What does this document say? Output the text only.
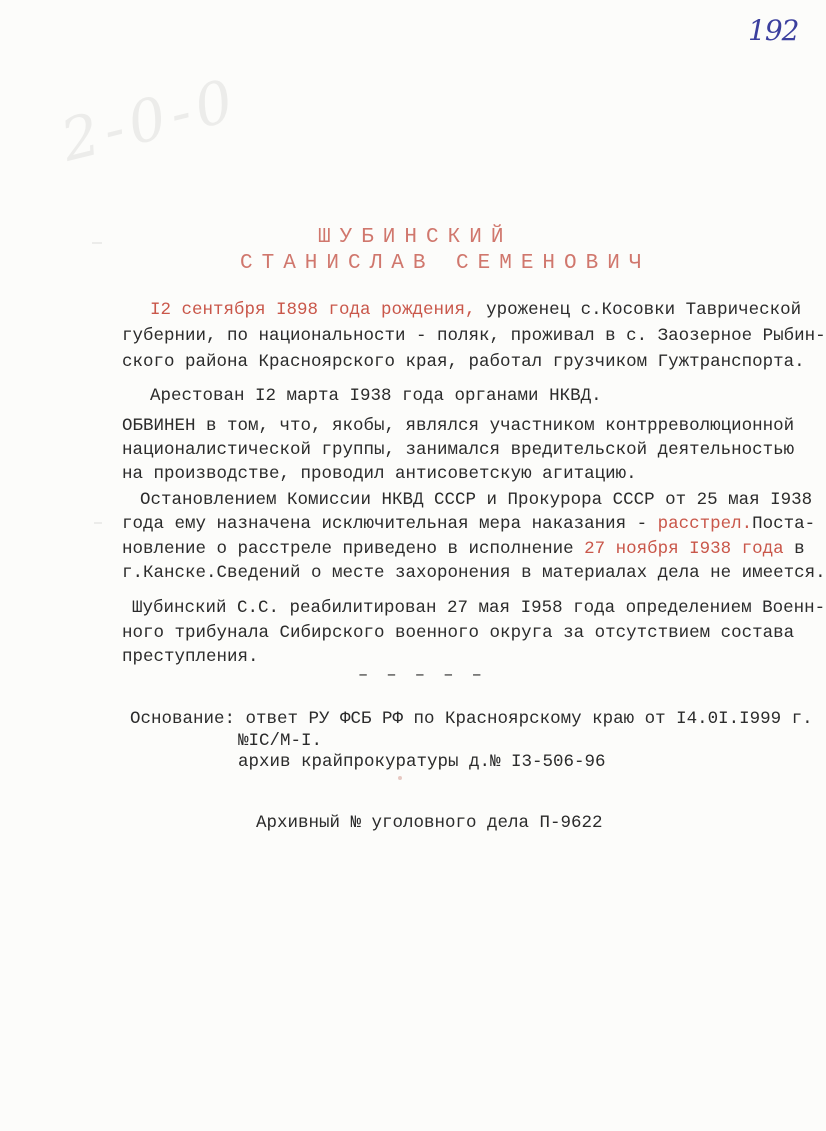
192
2-0-0
ШУБИНСКИЙ
СТАНИСЛАВ СЕМЕНОВИЧ
I2 сентября I898 года рождения, уроженец с.Косовки Таврической
губернии, по национальности - поляк, проживал в с. Заозерное Рыбин-
ского района Красноярского края, работал грузчиком Гужтранспорта.
Арестован I2 марта I938 года органами НКВД.
ОБВИНЕН в том, что, якобы, являлся участником контрреволюционной
националистической группы, занимался вредительской деятельностью
на производстве, проводил антисоветскую агитацию.
Остановлением Комиссии НКВД СССР и Прокурора СССР от 25 мая I938
года ему назначена исключительная мера наказания - расстрел.Поста-
новление о расстреле приведено в исполнение 27 ноября I938 года в
г.Канске.Сведений о месте захоронения в материалах дела не имеется.
Шубинский С.С. реабилитирован 27 мая I958 года определением Военн-
ного трибунала Сибирского военного округа за отсутствием состава
преступления.
– – – – –
Основание: ответ РУ ФСБ РФ по Красноярскому краю от I4.0I.I999 г.
№IC/M-I.
архив крайпрокуратуры д.№ I3-506-96
Архивный № уголовного дела П-9622
